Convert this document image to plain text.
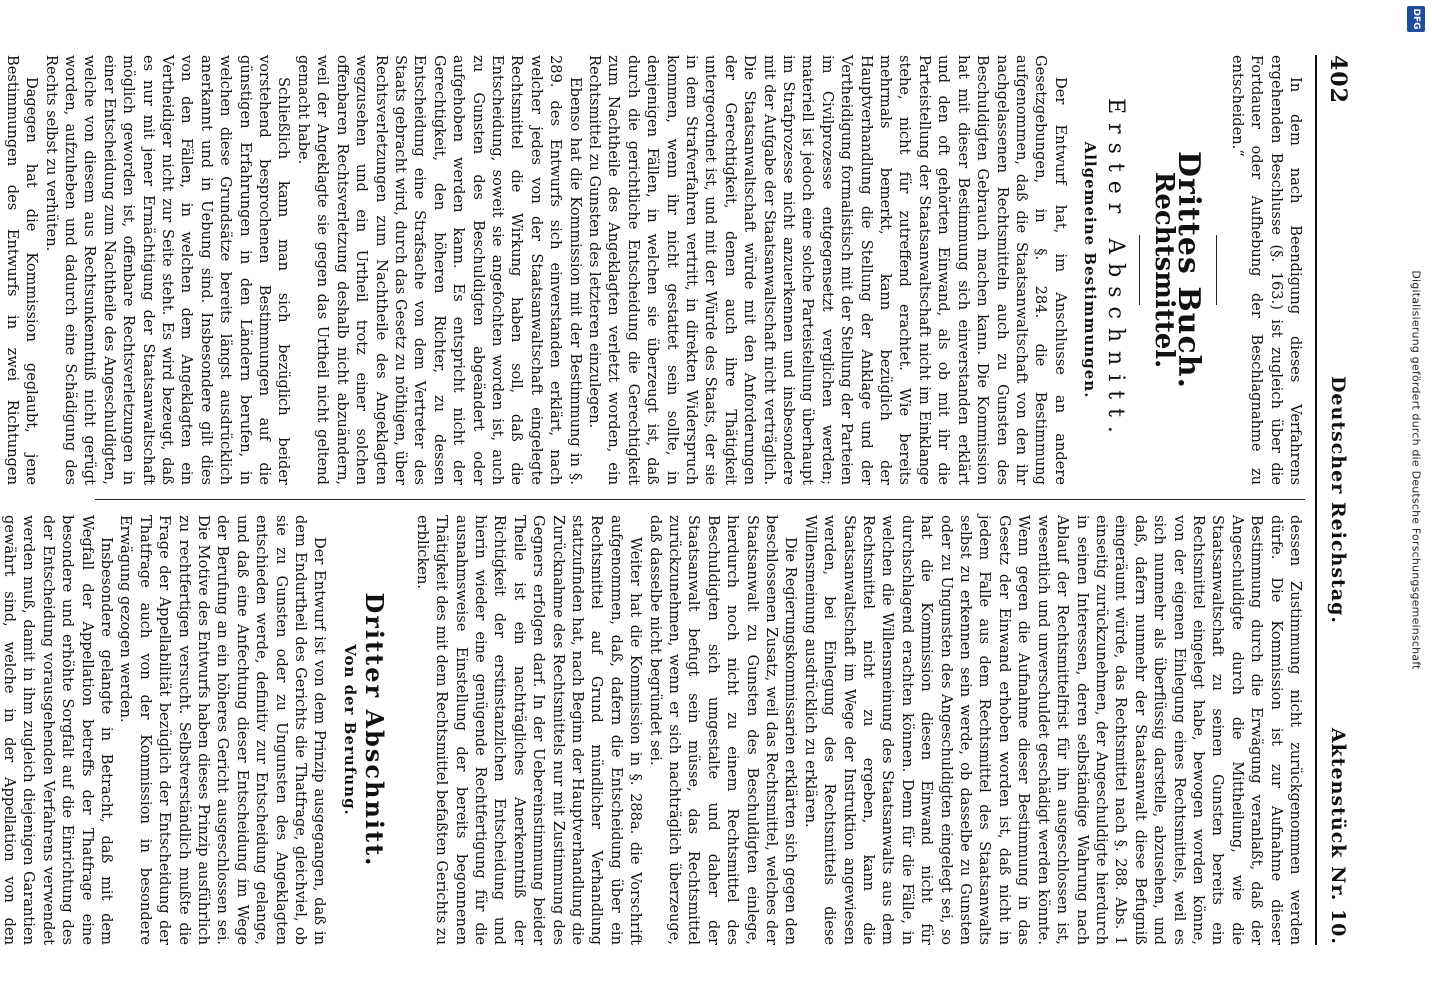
402
Deutscher Reichstag.
Aktenstück Nr. 10.

In dem nach Beendigung dieses Verfahrens ergehenden Beschlusse (§. 163.) ist zugleich über die Fortdauer oder Aufhebung der Beschlagnahme zu entscheiden.“

Drittes Buch.
Rechtsmittel.
Erster Abschnitt.
Allgemeine Bestimmungen.

Der Entwurf hat, im Anschlusse an andere Gesetzgebungen, in §. 284. die Bestimmung aufgenommen, daß die Staatsanwaltschaft von den ihr nachgelassenen Rechtsmitteln auch zu Gunsten des Beschuldigten Gebrauch machen kann. Die Kommission hat mit dieser Bestimmung sich einverstanden erklärt und den oft gehörten Einwand, als ob mit ihr die Parteistellung der Staatsanwaltschaft nicht im Einklange stehe, nicht für zutreffend erachtet. Wie bereits mehrmals bemerkt, kann bezüglich der Hauptverhandlung die Stellung der Anklage und der Vertheidigung formalistisch mit der Stellung der Parteien im Civilprozesse entgegensetzt verglichen werden; materiell ist jedoch eine solche Parteistellung überhaupt im Strafprozesse nicht anzuerkennen und insbesondere mit der Aufgabe der Staatsanwaltschaft nicht verträglich. Die Staatsanwaltschaft würde mit den Anforderungen der Gerechtigkeit, denen auch ihre Thätigkeit untergeordnet ist, und mit der Würde des Staats, der sie in dem Strafverfahren vertritt, in direkten Widerspruch kommen, wenn ihr nicht gestattet sein sollte, in denjenigen Fällen, in welchen sie überzeugt ist, daß durch die gerichtliche Entscheidung die Gerechtigkeit zum Nachtheile des Angeklagten verletzt worden, ein Rechtsmittel zu Gunsten des letzteren einzulegen.

Ebenso hat die Kommission mit der Bestimmung in §. 289. des Entwurfs sich einverstanden erklärt, nach welcher jedes von der Staatsanwaltschaft eingelegte Rechtsmittel die Wirkung haben soll, daß die Entscheidung, soweit sie angefochten worden ist, auch zu Gunsten des Beschuldigten abgeändert oder aufgehoben werden kann. Es entspricht nicht der Gerechtigkeit, den höheren Richter, zu dessen Entscheidung eine Strafsache von dem Vertreter des Staats gebracht wird, durch das Gesetz zu nöthigen, über Rechtsverletzungen zum Nachtheile des Angeklagten wegzusehen und ein Urtheil trotz einer solchen offenbaren Rechtsverletzung deshalb nicht abzuändern, weil der Angeklagte sie gegen das Urtheil nicht geltend gemacht habe.

Schließlich kann man sich bezüglich beider vorstehend besprochenen Bestimmungen auf die günstigen Erfahrungen in den Ländern berufen, in welchen diese Grundsätze bereits längst ausdrücklich anerkannt und in Uebung sind. Insbesondere gilt dies von den Fällen, in welchen dem Angeklagten ein Vertheidiger nicht zur Seite steht. Es wird bezeugt, daß es nur mit jener Ermächtigung der Staatsanwaltschaft möglich geworden ist, offenbare Rechtsverletzungen in einer Entscheidung zum Nachtheile des Angeschuldigten, welche von diesem aus Rechtsunkenntniß nicht gerügt worden, aufzuheben und dadurch eine Schädigung des Rechts selbst zu verhüten.

Dagegen hat die Kommission geglaubt, jene Bestimmungen des Entwurfs in zwei Richtungen

dessen Zustimmung nicht zurückgenommen werden dürfe. Die Kommission ist zur Aufnahme dieser Bestimmung durch die Erwägung veranlaßt, daß der Angeschuldigte durch die Mittheilung, wie die Staatsanwaltschaft zu seinen Gunsten bereits ein Rechtsmittel eingelegt habe, bewogen worden könne, von der eigenen Einlegung eines Rechtsmittels, weil es sich nunmehr als überflüssig darstelle, abzusehen, und daß, dafern nunmehr der Staatsanwalt diese Befugniß eingeräumt würde, das Rechtsmittel nach §. 288. Abs. 1 einseitig zurückzunehmen, der Angeschuldigte hierdurch in seinen Interessen, deren selbständige Wahrung nach Ablauf der Rechtsmittelfrist für ihn ausgeschlossen ist, wesentlich und unverschuldet geschädigt werden könnte. Wenn gegen die Aufnahme dieser Bestimmung in das Gesetz der Einwand erhoben worden ist, daß nicht in jedem Falle aus dem Rechtsmittel des Staatsanwalts selbst zu erkennen sein werde, ob dasselbe zu Gunsten oder zu Ungunsten des Angeschuldigten eingelegt sei, so hat die Kommission diesen Einwand nicht für durchschlagend erachten können. Denn für die Fälle, in welchen die Willensmeinung des Staatsanwalts aus dem Rechtsmittel nicht zu ergeben, kann die Staatsanwaltschaft im Wege der Instruktion angewiesen werden, bei Einlegung des Rechtsmittels diese Willensmeinung ausdrücklich zu erklären.

Die Regierungskommissarien erklärten sich gegen den beschlossenen Zusatz, weil das Rechtsmittel, welches der Staatsanwalt zu Gunsten des Beschuldigten einlege, hierdurch noch nicht zu einem Rechtsmittel des Beschuldigten sich umgestalte und daher der Staatsanwalt befugt sein müsse, das Rechtsmittel zurückzunehmen, wenn er sich nachträglich überzeuge, daß dasselbe nicht begründet sei.

Weiter hat die Kommission in §. 288a. die Vorschrift aufgenommen, daß, dafern die Entscheidung über ein Rechtsmittel auf Grund mündlicher Verhandlung stattzufinden hat, nach Beginn der Hauptverhandlung die Zurücknahme des Rechtsmittels nur mit Zustimmung des Gegners erfolgen darf. In der Uebereinstimmung beider Theile ist ein nachträgliches Anerkenntniß der Richtigkeit der erstinstanzlichen Entscheidung und hierin wieder eine genügende Rechtfertigung für die ausnahmsweise Einstellung der bereits begonnenen Thätigkeit des mit dem Rechtsmittel befaßten Gerichts zu erblicken.

Dritter Abschnitt.
Von der Berufung.

Der Entwurf ist von dem Prinzip ausgegangen, daß in dem Endurtheil des Gerichts die Thatfrage, gleichviel, ob sie zu Gunsten oder zu Ungunsten des Angeklagten entschieden werde, definitiv zur Entscheidung gelange, und daß eine Anfechtung dieser Entscheidung im Wege der Berufung an ein höheres Gericht ausgeschlossen sei. Die Motive des Entwurfs haben dieses Prinzip ausführlich zu rechtfertigen versucht. Selbstverständlich mußte die Frage der Appellabilität bezüglich der Entscheidung der Thatfrage auch von der Kommission in besondere Erwägung gezogen werden.

Insbesondere gelangte in Betracht, daß mit dem Wegfall der Appellation betreffs der Thatfrage eine besondere und erhöhte Sorgfalt auf die Einrichtung des der Entscheidung vorausgehenden Verfahrens verwendet werden muß, damit in ihm zugleich diejenigen Garantien gewährt sind, welche in der Appellation von den

DFG
Digitalisierung gefördert durch die Deutsche Forschungsgemeinschaft
